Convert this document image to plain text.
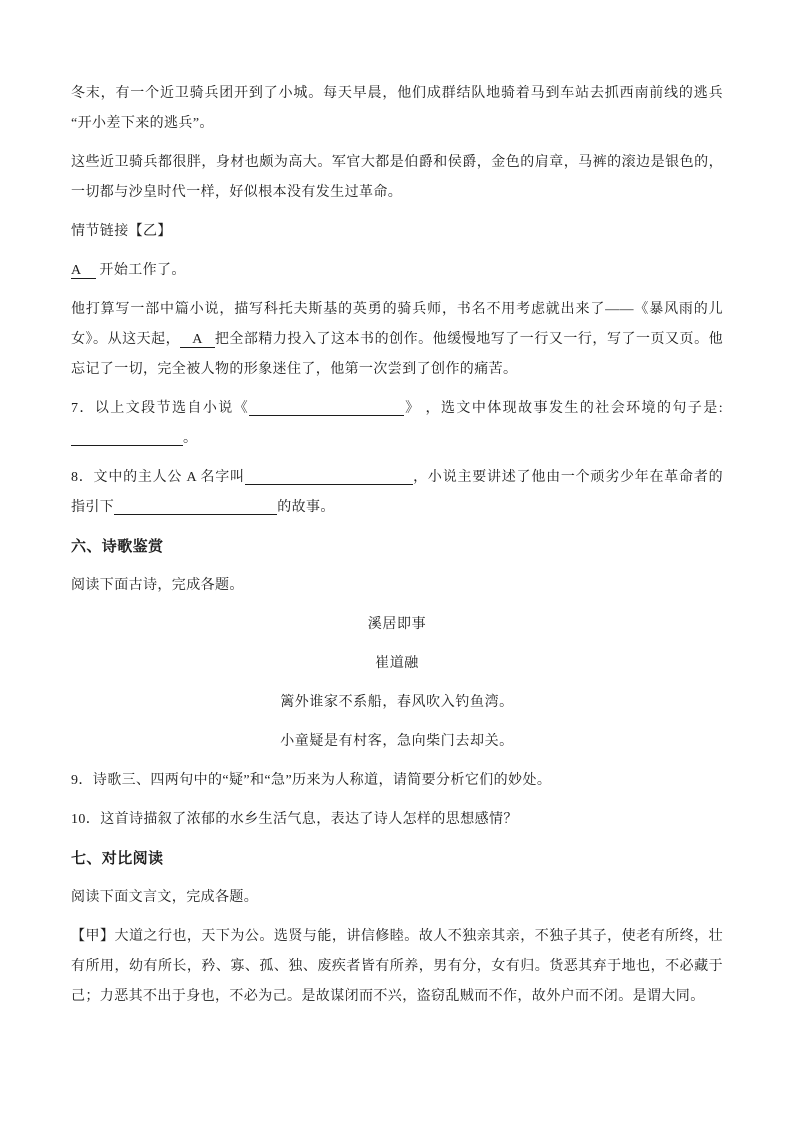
冬末，有一个近卫骑兵团开到了小城。每天早晨，他们成群结队地骑着马到车站去抓西南前线的逃兵“开小差下来的逃兵”。

这些近卫骑兵都很胖，身材也颇为高大。军官大都是伯爵和侯爵，金色的肩章，马裤的滚边是银色的，一切都与沙皇时代一样，好似根本没有发生过革命。

情节链接【乙】

A 开始工作了。

他打算写一部中篇小说，描写科托夫斯基的英勇的骑兵师，书名不用考虑就出来了——《暴风雨的儿女》。从这天起， A 把全部精力投入了这本书的创作。他缓慢地写了一行又一行，写了一页又页。他忘记了一切，完全被人物的形象迷住了，他第一次尝到了创作的痛苦。

7．以上文段节选自小说《	》 ，选文中体现故事发生的社会环境的句子是: 。

8．文中的主人公 A 名字叫	，小说主要讲述了他由一个顽劣少年在革命者的指引下	的故事。

六、诗歌鉴赏

阅读下面古诗，完成各题。

溪居即事

崔道融

篱外谁家不系船，春风吹入钓鱼湾。

小童疑是有村客，急向柴门去却关。

9．诗歌三、四两句中的“疑”和“急”历来为人称道，请简要分析它们的妙处。

10．这首诗描叙了浓郁的水乡生活气息，表达了诗人怎样的思想感情？

七、对比阅读

阅读下面文言文，完成各题。

【甲】大道之行也，天下为公。选贤与能，讲信修睦。故人不独亲其亲，不独子其子，使老有所终，壮有所用，幼有所长，矜、寡、孤、独、废疾者皆有所养，男有分，女有归。货恶其弃于地也，不必藏于己；力恶其不出于身也，不必为己。是故谋闭而不兴，盗窃乱贼而不作，故外户而不闭。是谓大同。
